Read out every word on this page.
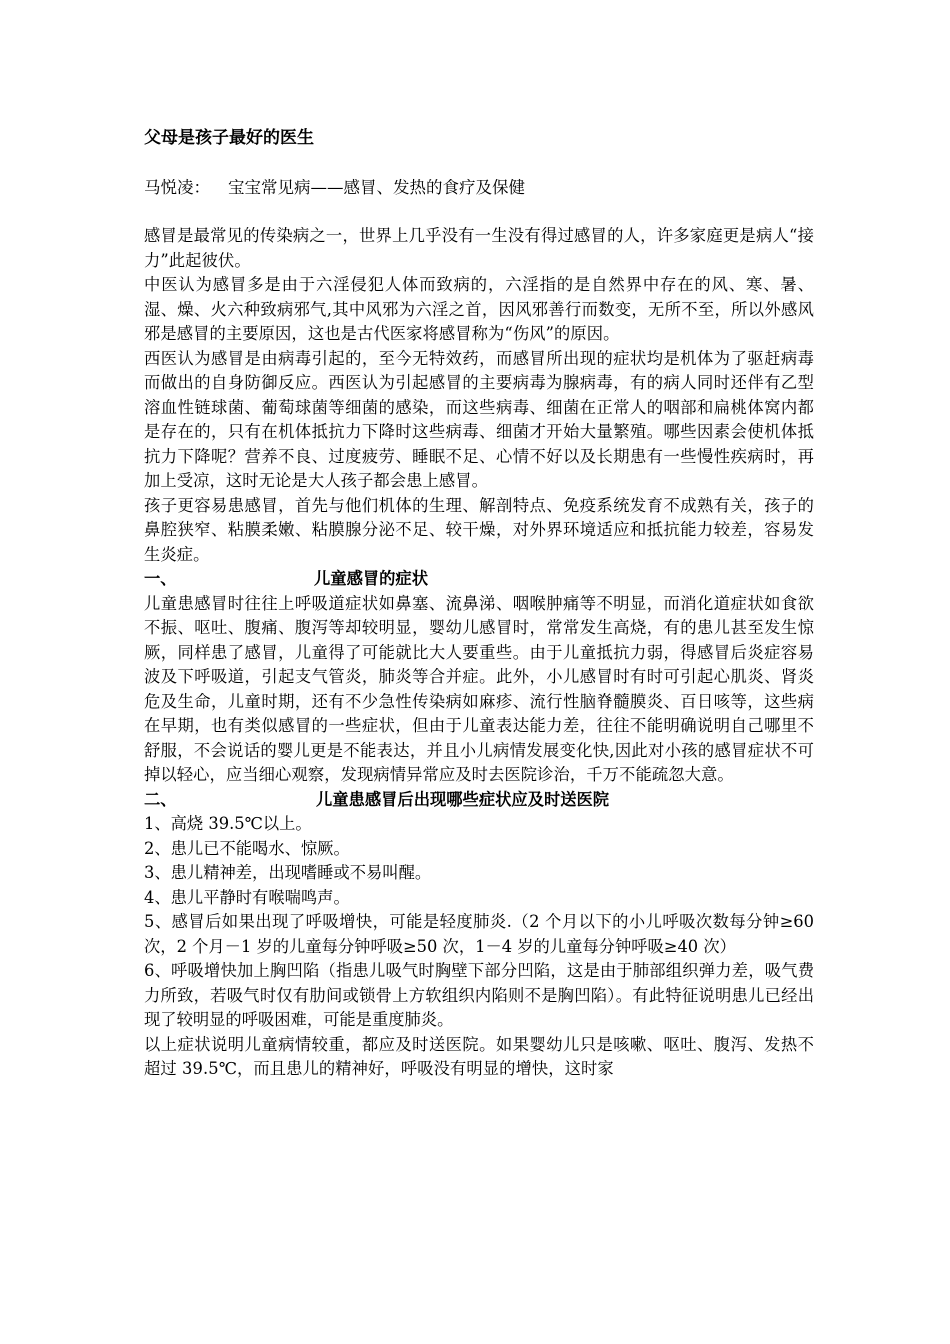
父母是孩子最好的医生
马悦凌： 宝宝常见病——感冒、发热的食疗及保健

感冒是最常见的传染病之一，世界上几乎没有一生没有得过感冒的人，许多家庭更是病人“接力”此起彼伏。

中医认为感冒多是由于六淫侵犯人体而致病的，六淫指的是自然界中存在的风、寒、暑、湿、燥、火六种致病邪气,其中风邪为六淫之首，因风邪善行而数变，无所不至，所以外感风邪是感冒的主要原因，这也是古代医家将感冒称为“伤风”的原因。

西医认为感冒是由病毒引起的，至今无特效药，而感冒所出现的症状均是机体为了驱赶病毒而做出的自身防御反应。西医认为引起感冒的主要病毒为腺病毒，有的病人同时还伴有乙型溶血性链球菌、葡萄球菌等细菌的感染，而这些病毒、细菌在正常人的咽部和扁桃体窝内都是存在的，只有在机体抵抗力下降时这些病毒、细菌才开始大量繁殖。哪些因素会使机体抵抗力下降呢？营养不良、过度疲劳、睡眠不足、心情不好以及长期患有一些慢性疾病时，再加上受凉，这时无论是大人孩子都会患上感冒。

孩子更容易患感冒，首先与他们机体的生理、解剖特点、免疫系统发育不成熟有关，孩子的鼻腔狭窄、粘膜柔嫩、粘膜腺分泌不足、较干燥，对外界环境适应和抵抗能力较差，容易发生炎症。

一、	儿童感冒的症状

儿童患感冒时往往上呼吸道症状如鼻塞、流鼻涕、咽喉肿痛等不明显，而消化道症状如食欲不振、呕吐、腹痛、腹泻等却较明显，婴幼儿感冒时，常常发生高烧，有的患儿甚至发生惊厥，同样患了感冒，儿童得了可能就比大人要重些。由于儿童抵抗力弱，得感冒后炎症容易波及下呼吸道，引起支气管炎，肺炎等合并症。此外，小儿感冒时有时可引起心肌炎、肾炎危及生命，儿童时期，还有不少急性传染病如麻疹、流行性脑脊髓膜炎、百日咳等，这些病在早期，也有类似感冒的一些症状，但由于儿童表达能力差，往往不能明确说明自己哪里不舒服，不会说话的婴儿更是不能表达，并且小儿病情发展变化快,因此对小孩的感冒症状不可掉以轻心，应当细心观察，发现病情异常应及时去医院诊治，千万不能疏忽大意。

二、	儿童患感冒后出现哪些症状应及时送医院

1、高烧 39.5℃以上。

2、患儿已不能喝水、惊厥。

3、患儿精神差，出现嗜睡或不易叫醒。

4、患儿平静时有喉喘鸣声。

5、感冒后如果出现了呼吸增快，可能是轻度肺炎.（2 个月以下的小儿呼吸次数每分钟≥60 次，2 个月－1 岁的儿童每分钟呼吸≥50 次，1－4 岁的儿童每分钟呼吸≥40 次）

6、呼吸增快加上胸凹陷（指患儿吸气时胸壁下部分凹陷，这是由于肺部组织弹力差，吸气费力所致，若吸气时仅有肋间或锁骨上方软组织内陷则不是胸凹陷）。有此特征说明患儿已经出现了较明显的呼吸困难，可能是重度肺炎。

以上症状说明儿童病情较重，都应及时送医院。如果婴幼儿只是咳嗽、呕吐、腹泻、发热不超过 39.5℃，而且患儿的精神好，呼吸没有明显的增快，这时家
